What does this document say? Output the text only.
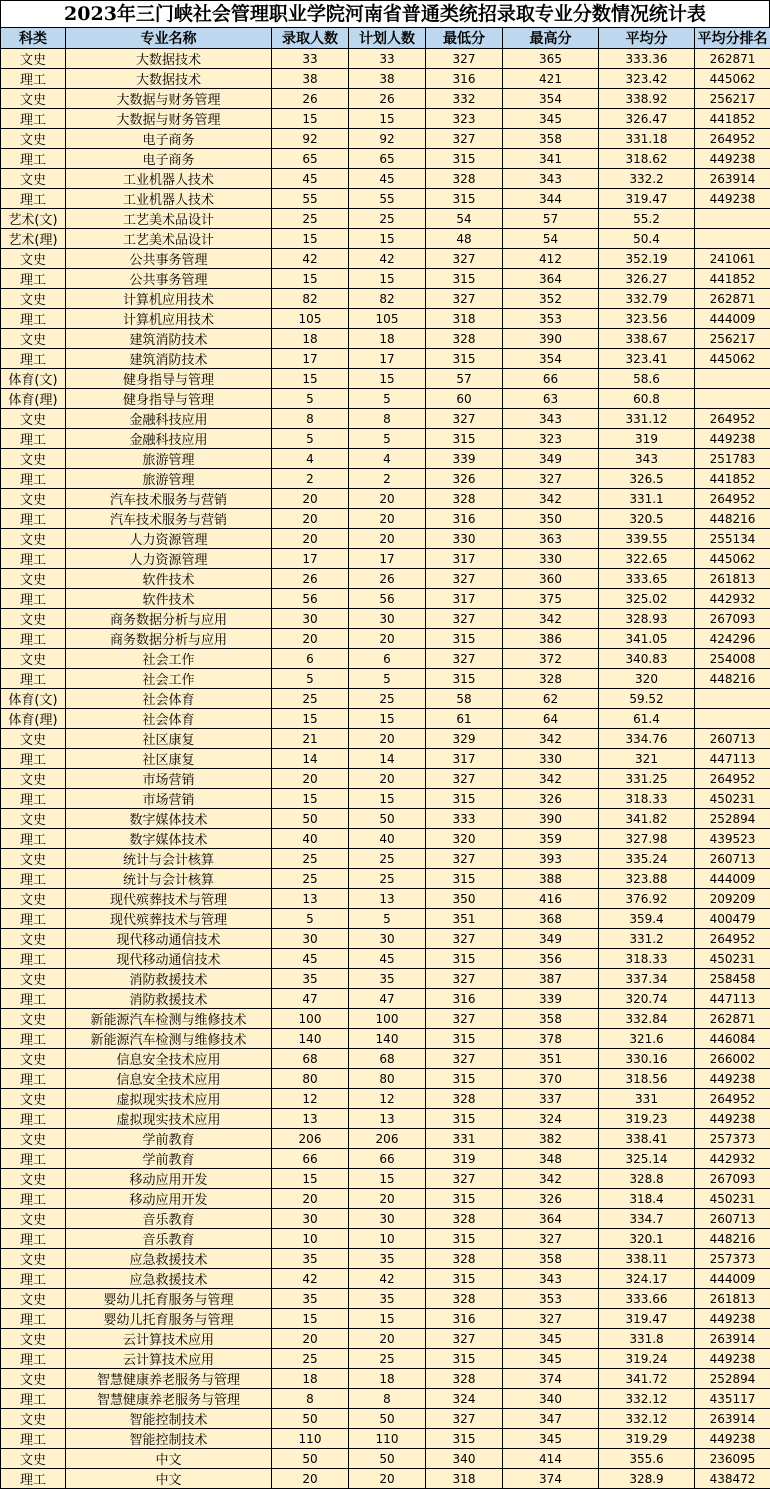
2023年三门峡社会管理职业学院河南省普通类统招录取专业分数情况统计表
科类	专业名称	录取人数	计划人数	最低分	最高分	平均分	平均分排名
文史	大数据技术	33	33	327	365	333.36	262871
理工	大数据技术	38	38	316	421	323.42	445062
文史	大数据与财务管理	26	26	332	354	338.92	256217
理工	大数据与财务管理	15	15	323	345	326.47	441852
文史	电子商务	92	92	327	358	331.18	264952
理工	电子商务	65	65	315	341	318.62	449238
文史	工业机器人技术	45	45	328	343	332.2	263914
理工	工业机器人技术	55	55	315	344	319.47	449238
艺术(文)	工艺美术品设计	25	25	54	57	55.2	
艺术(理)	工艺美术品设计	15	15	48	54	50.4	
文史	公共事务管理	42	42	327	412	352.19	241061
理工	公共事务管理	15	15	315	364	326.27	441852
文史	计算机应用技术	82	82	327	352	332.79	262871
理工	计算机应用技术	105	105	318	353	323.56	444009
文史	建筑消防技术	18	18	328	390	338.67	256217
理工	建筑消防技术	17	17	315	354	323.41	445062
体育(文)	健身指导与管理	15	15	57	66	58.6	
体育(理)	健身指导与管理	5	5	60	63	60.8	
文史	金融科技应用	8	8	327	343	331.12	264952
理工	金融科技应用	5	5	315	323	319	449238
文史	旅游管理	4	4	339	349	343	251783
理工	旅游管理	2	2	326	327	326.5	441852
文史	汽车技术服务与营销	20	20	328	342	331.1	264952
理工	汽车技术服务与营销	20	20	316	350	320.5	448216
文史	人力资源管理	20	20	330	363	339.55	255134
理工	人力资源管理	17	17	317	330	322.65	445062
文史	软件技术	26	26	327	360	333.65	261813
理工	软件技术	56	56	317	375	325.02	442932
文史	商务数据分析与应用	30	30	327	342	328.93	267093
理工	商务数据分析与应用	20	20	315	386	341.05	424296
文史	社会工作	6	6	327	372	340.83	254008
理工	社会工作	5	5	315	328	320	448216
体育(文)	社会体育	25	25	58	62	59.52	
体育(理)	社会体育	15	15	61	64	61.4	
文史	社区康复	21	20	329	342	334.76	260713
理工	社区康复	14	14	317	330	321	447113
文史	市场营销	20	20	327	342	331.25	264952
理工	市场营销	15	15	315	326	318.33	450231
文史	数字媒体技术	50	50	333	390	341.82	252894
理工	数字媒体技术	40	40	320	359	327.98	439523
文史	统计与会计核算	25	25	327	393	335.24	260713
理工	统计与会计核算	25	25	315	388	323.88	444009
文史	现代殡葬技术与管理	13	13	350	416	376.92	209209
理工	现代殡葬技术与管理	5	5	351	368	359.4	400479
文史	现代移动通信技术	30	30	327	349	331.2	264952
理工	现代移动通信技术	45	45	315	356	318.33	450231
文史	消防救援技术	35	35	327	387	337.34	258458
理工	消防救援技术	47	47	316	339	320.74	447113
文史	新能源汽车检测与维修技术	100	100	327	358	332.84	262871
理工	新能源汽车检测与维修技术	140	140	315	378	321.6	446084
文史	信息安全技术应用	68	68	327	351	330.16	266002
理工	信息安全技术应用	80	80	315	370	318.56	449238
文史	虚拟现实技术应用	12	12	328	337	331	264952
理工	虚拟现实技术应用	13	13	315	324	319.23	449238
文史	学前教育	206	206	331	382	338.41	257373
理工	学前教育	66	66	319	348	325.14	442932
文史	移动应用开发	15	15	327	342	328.8	267093
理工	移动应用开发	20	20	315	326	318.4	450231
文史	音乐教育	30	30	328	364	334.7	260713
理工	音乐教育	10	10	315	327	320.1	448216
文史	应急救援技术	35	35	328	358	338.11	257373
理工	应急救援技术	42	42	315	343	324.17	444009
文史	婴幼儿托育服务与管理	35	35	328	353	333.66	261813
理工	婴幼儿托育服务与管理	15	15	316	327	319.47	449238
文史	云计算技术应用	20	20	327	345	331.8	263914
理工	云计算技术应用	25	25	315	345	319.24	449238
文史	智慧健康养老服务与管理	18	18	328	374	341.72	252894
理工	智慧健康养老服务与管理	8	8	324	340	332.12	435117
文史	智能控制技术	50	50	327	347	332.12	263914
理工	智能控制技术	110	110	315	345	319.29	449238
文史	中文	50	50	340	414	355.6	236095
理工	中文	20	20	318	374	328.9	438472
